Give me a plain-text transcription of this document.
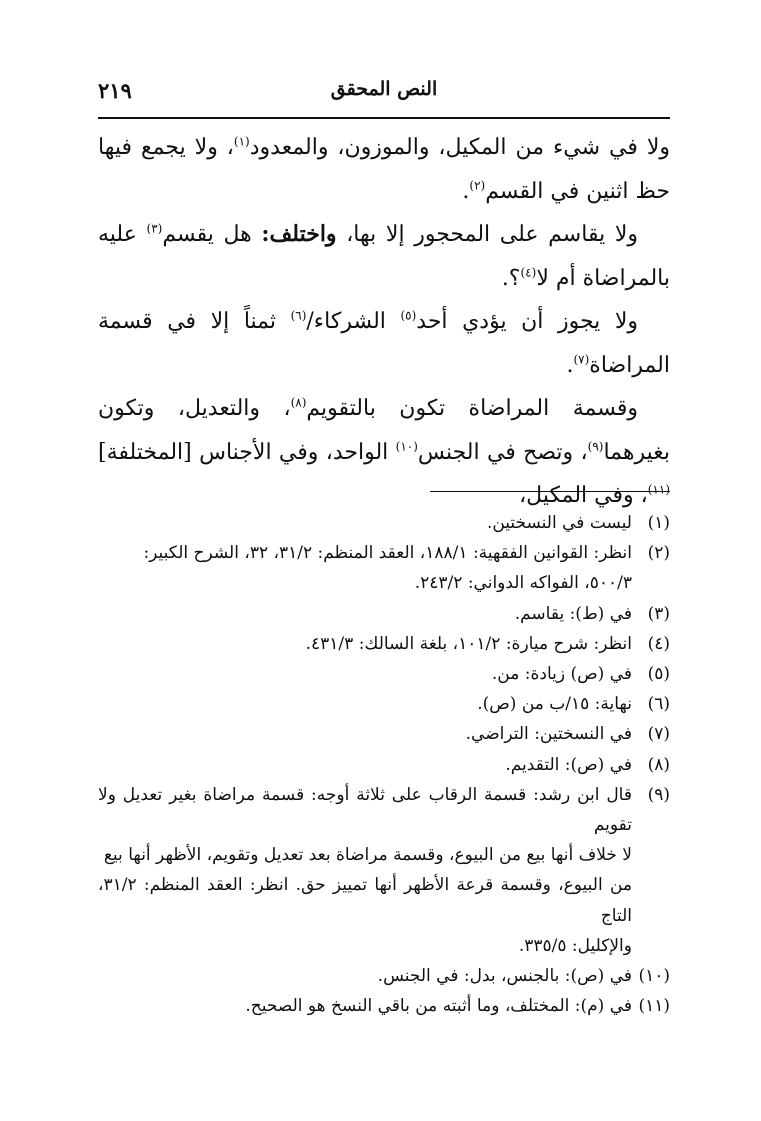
٢١٩	النص المحقق

ولا في شيء من المكيل، والموزون، والمعدود$^{(١)}$، ولا يجمع فيها حظ اثنين في القسم$^{(٢)}$.

ولا يقاسم على المحجور إلا بها، واختلف: هل يقسم$^{(٣)}$ عليه بالمراضاة أم لا$^{(٤)}$؟.

ولا يجوز أن يؤدي أحد$^{(٥)}$ الشركاء/$^{(٦)}$ ثمناً إلا في قسمة المراضاة$^{(٧)}$.

وقسمة المراضاة تكون بالتقويم$^{(٨)}$، والتعديل، وتكون بغيرهما$^{(٩)}$، وتصح في الجنس$^{(١٠)}$ الواحد، وفي الأجناس [المختلفة]$^{(١١)}$، وفي المكيل،

(١)
ليست في النسختين.
(٢)
انظر: القوانين الفقهية: ١٨٨/١، العقد المنظم: ٣١/٢، ٣٢، الشرح الكبير:
٥٠٠/٣، الفواكه الدواني: ٢٤٣/٢.
(٣)
في (ط): يقاسم.
(٤)
انظر: شرح ميارة: ١٠١/٢، بلغة السالك: ٤٣١/٣.
(٥)
في (ص) زيادة: من.
(٦)
نهاية: ١٥/ب من (ص).
(٧)
في النسختين: التراضي.
(٨)
في (ص): التقديم.
(٩)
قال ابن رشد: قسمة الرقاب على ثلاثة أوجه: قسمة مراضاة بغير تعديل ولا تقويم
لا خلاف أنها بيع من البيوع، وقسمة مراضاة بعد تعديل وتقويم، الأظهر أنها بيع
من البيوع، وقسمة قرعة الأظهر أنها تمييز حق. انظر: العقد المنظم: ٣١/٢، التاج
والإكليل: ٣٣٥/٥.
(١٠)
في (ص): بالجنس، بدل: في الجنس.
(١١)
في (م): المختلف، وما أثبته من باقي النسخ هو الصحيح.
